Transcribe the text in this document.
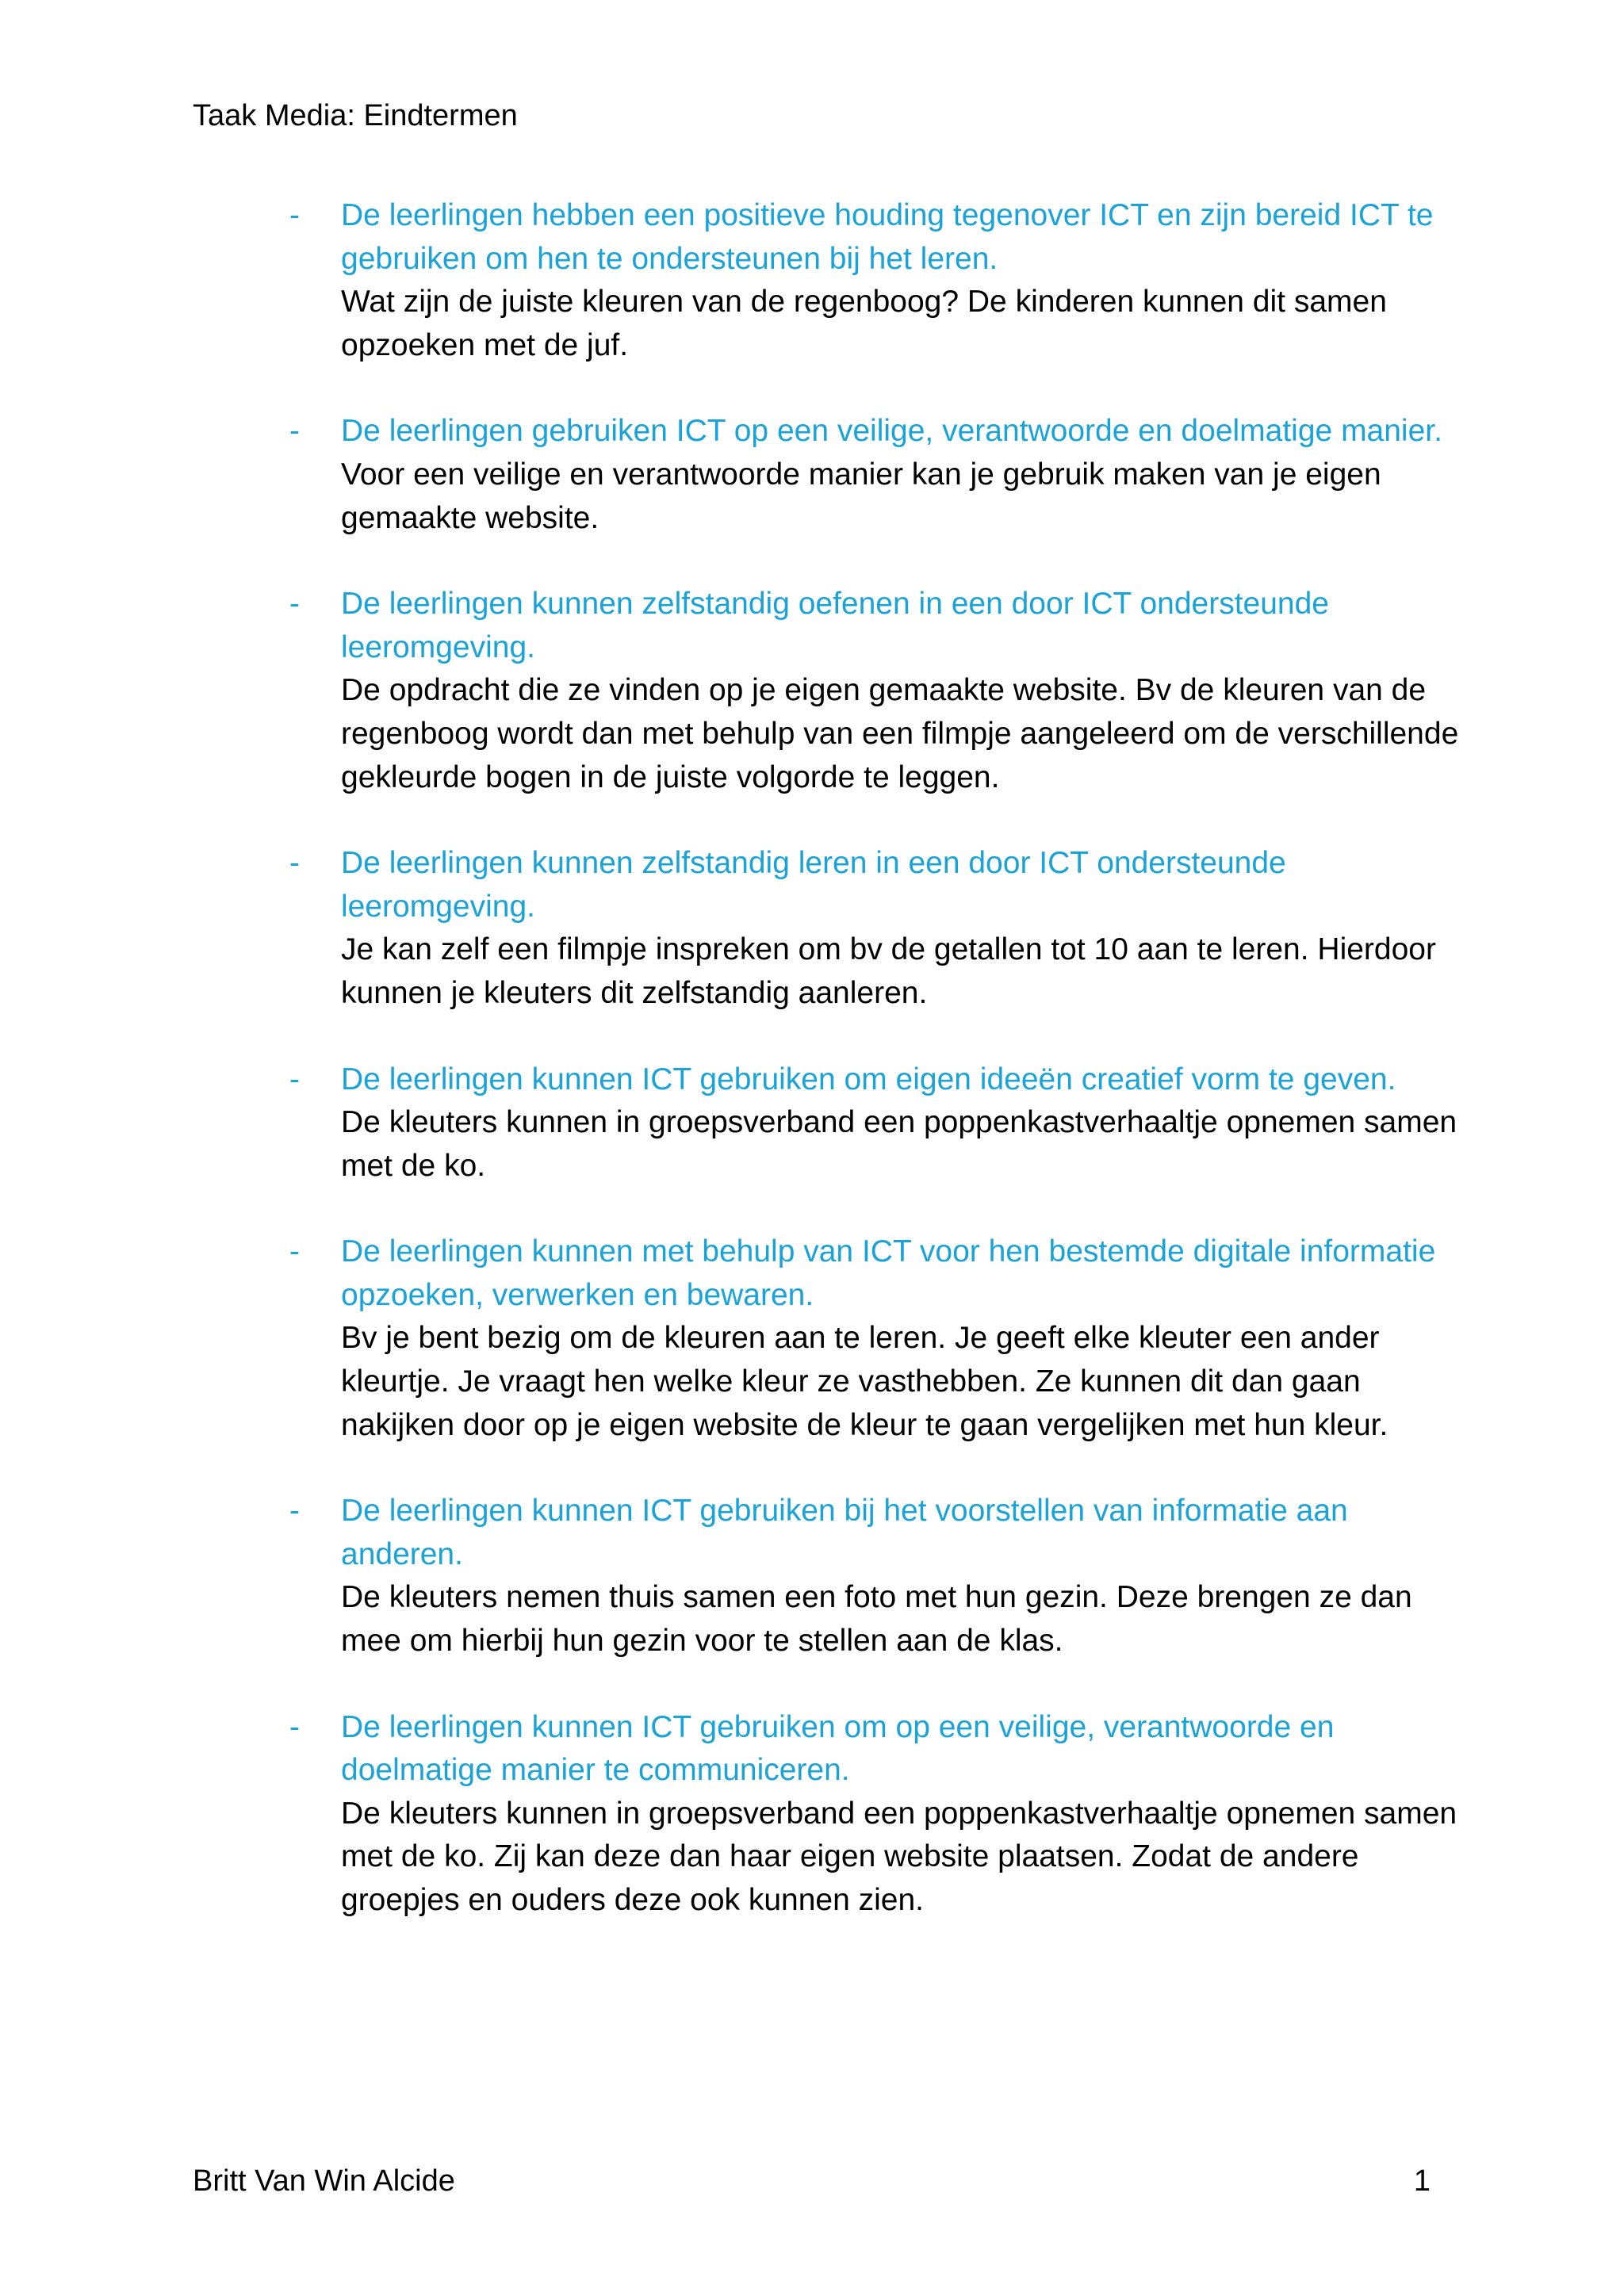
Taak Media: Eindtermen
- De leerlingen hebben een positieve houding tegenover ICT en zijn bereid ICT te gebruiken om hen te ondersteunen bij het leren.
Wat zijn de juiste kleuren van de regenboog? De kinderen kunnen dit samen opzoeken met de juf.
- De leerlingen gebruiken ICT op een veilige, verantwoorde en doelmatige manier.
Voor een veilige en verantwoorde manier kan je gebruik maken van je eigen gemaakte website.
- De leerlingen kunnen zelfstandig oefenen in een door ICT ondersteunde leeromgeving.
De opdracht die ze vinden op je eigen gemaakte website. Bv de kleuren van de regenboog wordt dan met behulp van een filmpje aangeleerd om de verschillende gekleurde bogen in de juiste volgorde te leggen.
- De leerlingen kunnen zelfstandig leren in een door ICT ondersteunde leeromgeving.
Je kan zelf een filmpje inspreken om bv de getallen tot 10 aan te leren. Hierdoor kunnen je kleuters dit zelfstandig aanleren.
- De leerlingen kunnen ICT gebruiken om eigen ideeën creatief vorm te geven.
De kleuters kunnen in groepsverband een poppenkastverhaaltje opnemen samen met de ko.
- De leerlingen kunnen met behulp van ICT voor hen bestemde digitale informatie opzoeken, verwerken en bewaren.
Bv je bent bezig om de kleuren aan te leren. Je geeft elke kleuter een ander kleurtje. Je vraagt hen welke kleur ze vasthebben. Ze kunnen dit dan gaan nakijken door op je eigen website de kleur te gaan vergelijken met hun kleur.
- De leerlingen kunnen ICT gebruiken bij het voorstellen van informatie aan anderen.
De kleuters nemen thuis samen een foto met hun gezin. Deze brengen ze dan mee om hierbij hun gezin voor te stellen aan de klas.
- De leerlingen kunnen ICT gebruiken om op een veilige, verantwoorde en doelmatige manier te communiceren.
De kleuters kunnen in groepsverband een poppenkastverhaaltje opnemen samen met de ko. Zij kan deze dan haar eigen website plaatsen. Zodat de andere groepjes en ouders deze ook kunnen zien.
Britt Van Win Alcide	1
